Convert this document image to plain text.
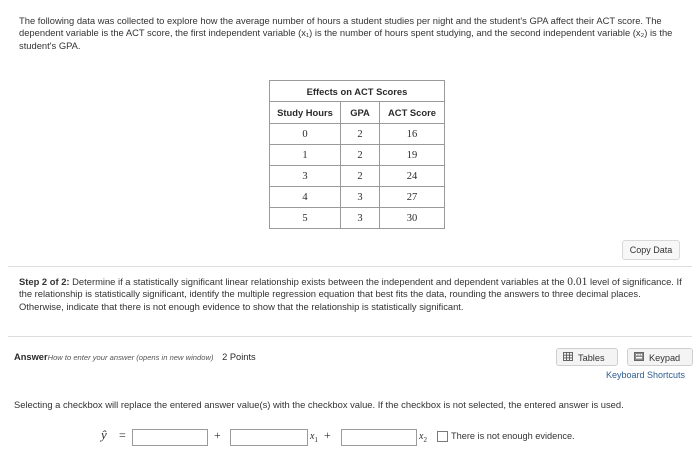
The following data was collected to explore how the average number of hours a student studies per night and the student's GPA affect their ACT score. The dependent variable is the ACT score, the first independent variable (x₁) is the number of hours spent studying, and the second independent variable (x₂) is the student's GPA.
Effects on ACT Scores		
Study Hours	GPA	ACT Score
0	2	16
1	2	19
3	2	24
4	3	27
5	3	30
Copy Data
Step 2 of 2: Determine if a statistically significant linear relationship exists between the independent and dependent variables at the 0.01 level of significance. If the relationship is statistically significant, identify the multiple regression equation that best fits the data, rounding the answers to three decimal places. Otherwise, indicate that there is not enough evidence to show that the relationship is statistically significant.
AnswerHow to enter your answer (opens in new window) 2 Points	Tables	Keypad
Keyboard Shortcuts
Selecting a checkbox will replace the entered answer value(s) with the checkbox value. If the checkbox is not selected, the entered answer is used.
ŷ =	+	$x_1$ +	$x_2$	There is not enough evidence.
